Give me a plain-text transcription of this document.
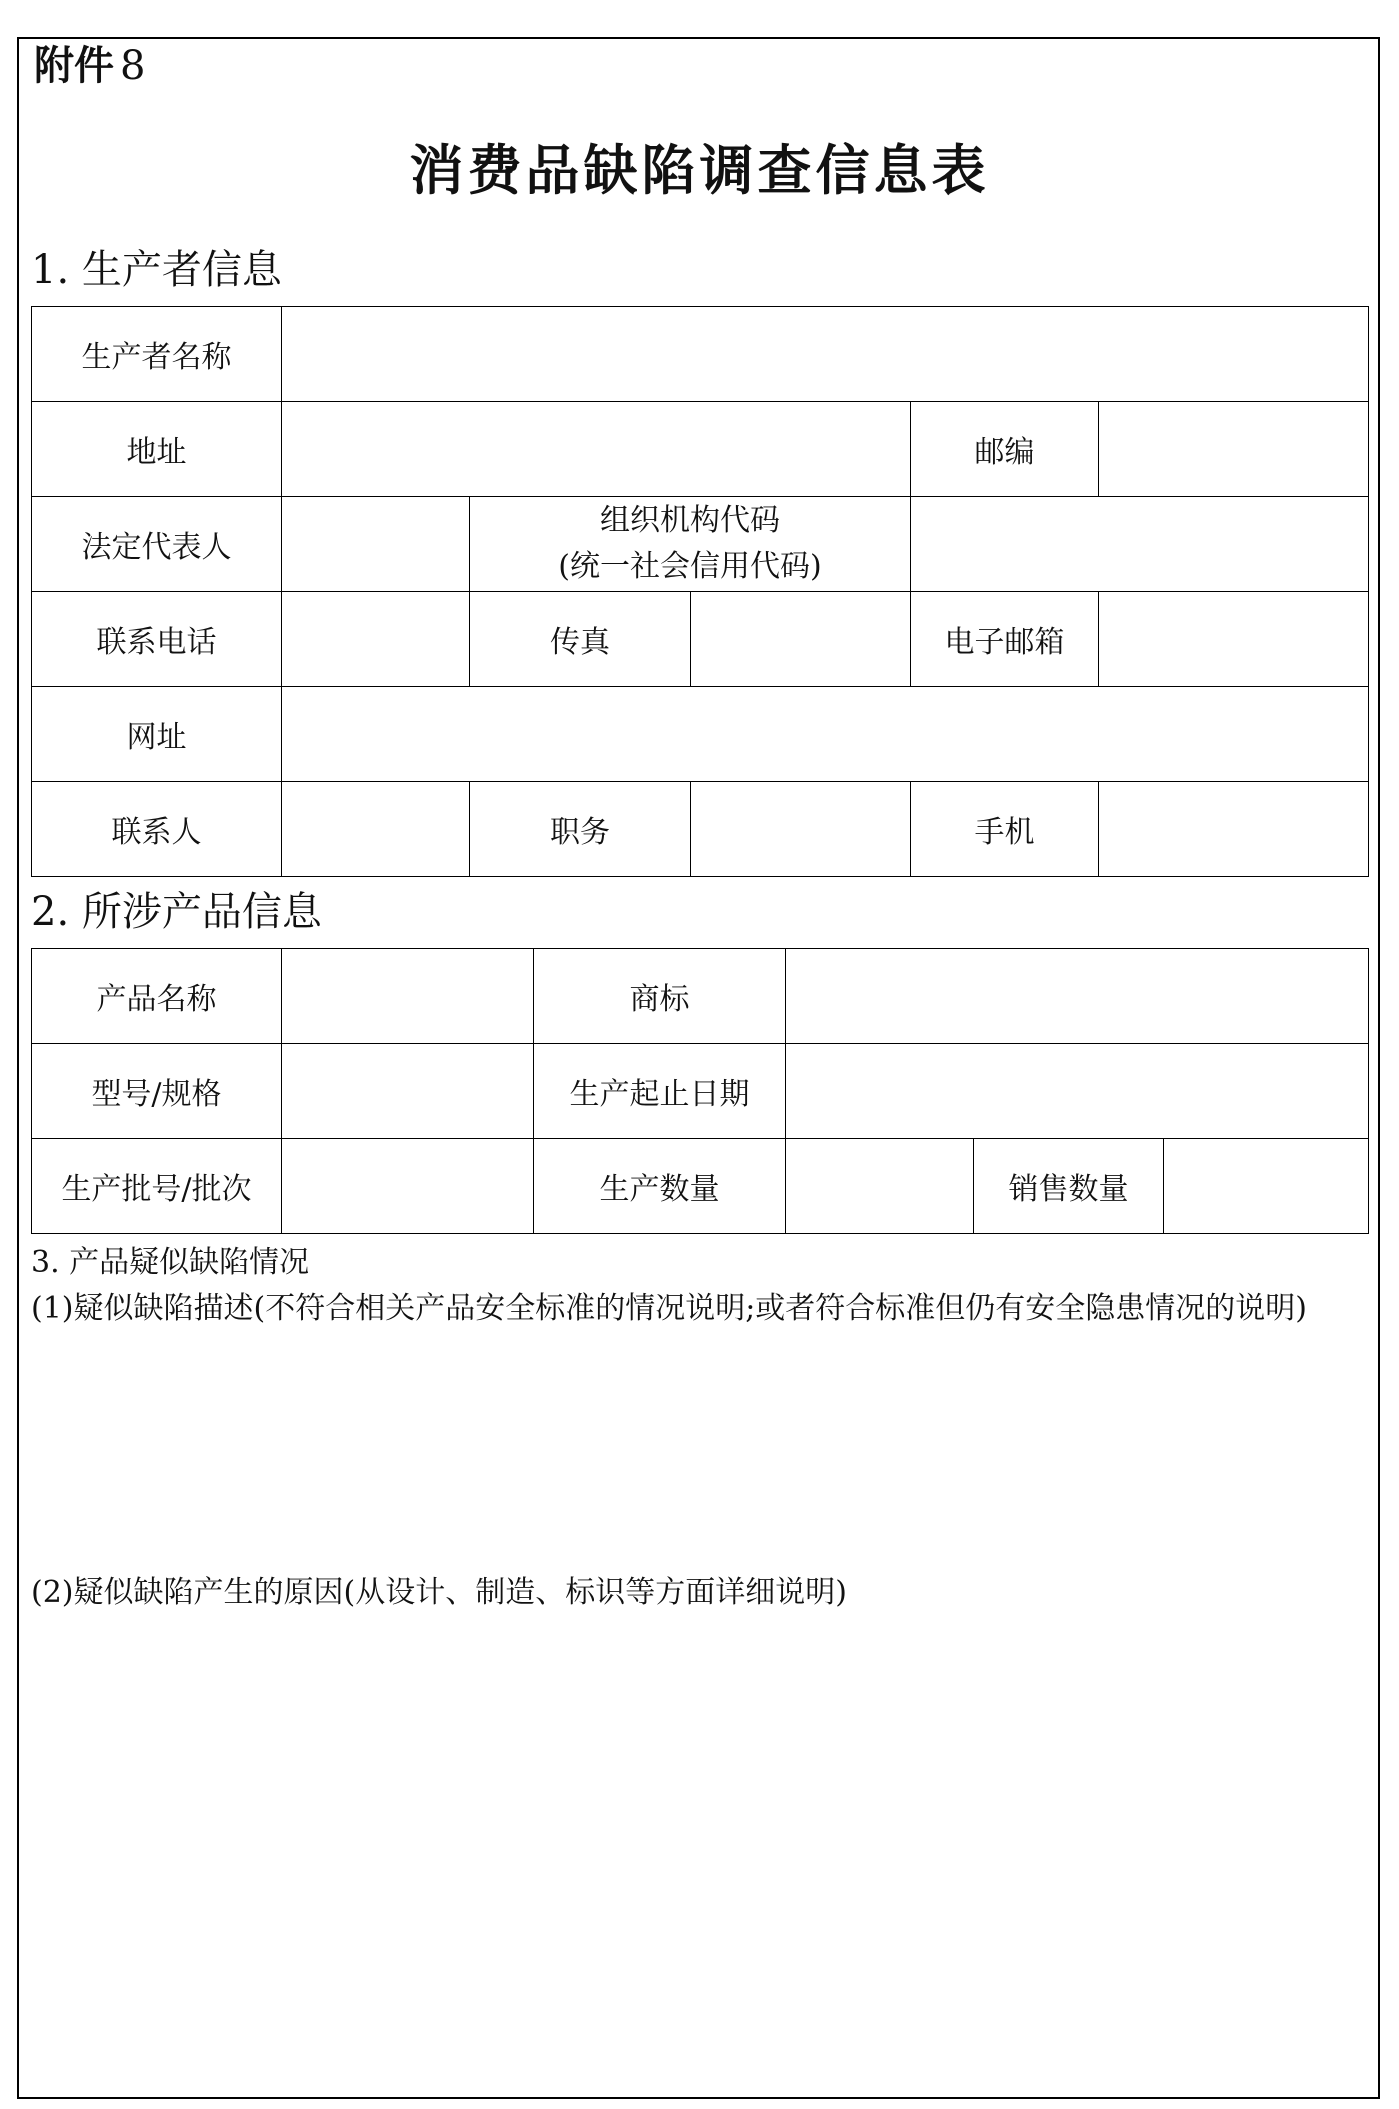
附件 8
消费品缺陷调查信息表
1. 生产者信息
生产者名称					
地址				邮编	
法定代表人		组织机构代码
(统一社会信用代码)			

联系电话		传真		电子邮箱	
网址					
联系人		职务		手机	
2. 所涉产品信息
产品名称		商标			
型号/规格		生产起止日期			
生产批号/批次		生产数量		销售数量	
3. 产品疑似缺陷情况
(1)疑似缺陷描述(不符合相关产品安全标准的情况说明;或者符合标准但仍有安全隐患情况的说明)
(2)疑似缺陷产生的原因(从设计、制造、标识等方面详细说明)
